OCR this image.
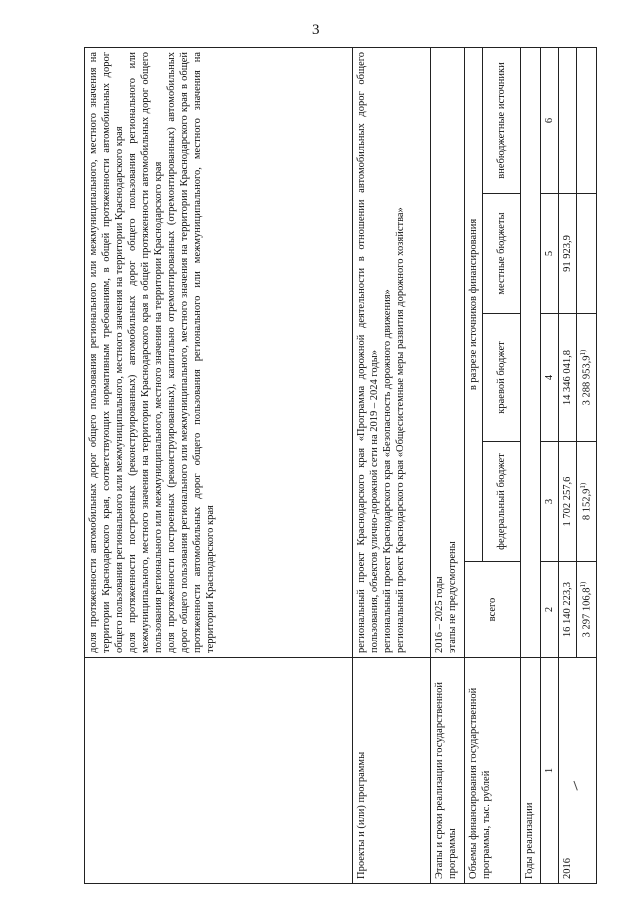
3

	доля протяженности автомобильных дорог общего пользования регионального или межмуниципального, местного значения на территории Краснодарского края, соответствующих нормативным требованиям, в общей протяженности автомобильных дорог общего пользования регионального или межмуниципального, местного значения на территории Краснодарского края доля протяженности построенных (реконструированных) автомобильных дорог общего пользования регионального или межмуниципального, местного значения на территории Краснодарского края в общей протяженности автомобильных дорог общего пользования регионального или межмуниципального, местного значения на территории Краснодарского края доля протяженности построенных (реконструированных), капитально отремонтированных (отремонтированных) автомобильных дорог общего пользования регионального или межмуниципального, местного значения на территории Краснодарского края в общей протяженности автомобильных дорог общего пользования регионального или межмуниципального, местного значения на территории Краснодарского края				

Проекты и (или) программы	региональный проект Краснодарского края «Программа дорожной деятельности в отношении автомобильных дорог общего пользования, объектов улично-дорожной сети на 2019 – 2024 годы» региональный проект Краснодарского края «Безопасность дорожного движения» региональный проект Краснодарского края «Общесистемные меры развития дорожного хозяйства»				

Этапы и сроки реализации государственной программы	2016 – 2025 годы этапы не предусмотрены				

Объемы финансирования государственной программы, тыс. рублей	всего	в разрезе источников финансирования			
		федеральный бюджет	краевой бюджет	местные бюджеты	внебюджетные источники
Годы реализации					
1	2	3	4	5	6
2016	16 140 223,3	1 702 257,6	14 346 041,8	91 923,9	
	3 297 106,8$^{1)}$	8 152,9$^{1)}$	3 288 953,9$^{1)}$		
